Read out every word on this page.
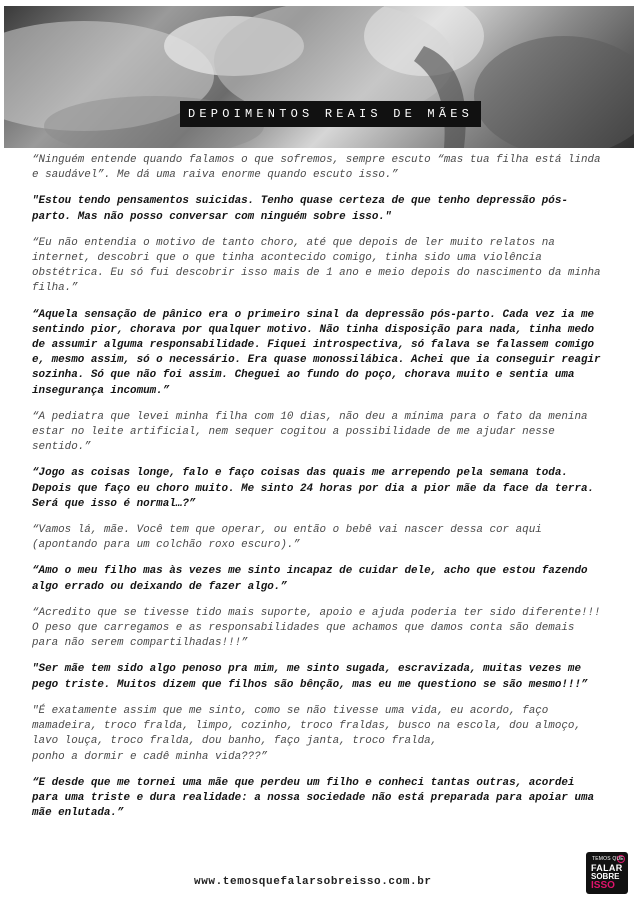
DEPOIMENTOS REAIS DE MÃES

“Ninguém entende quando falamos o que sofremos, sempre escuto “mas tua filha está linda e saudável”. Me dá uma raiva enorme quando escuto isso.”

"Estou tendo pensamentos suicidas. Tenho quase certeza de que tenho depressão pós-parto. Mas não posso conversar com ninguém sobre isso."

“Eu não entendia o motivo de tanto choro, até que depois de ler muito relatos na internet, descobri que o que tinha acontecido comigo, tinha sido uma violência obstétrica. Eu só fui descobrir isso mais de 1 ano e meio depois do nascimento da minha filha.”

“Aquela sensação de pânico era o primeiro sinal da depressão pós-parto. Cada vez ia me sentindo pior, chorava por qualquer motivo. Não tinha disposição para nada, tinha medo de assumir alguma responsabilidade. Fiquei introspectiva, só falava se falassem comigo e, mesmo assim, só o necessário. Era quase monossilábica. Achei que ia conseguir reagir sozinha. Só que não foi assim. Cheguei ao fundo do poço, chorava muito e sentia uma insegurança incomum.”

“A pediatra que levei minha filha com 10 dias, não deu a mínima para o fato da menina estar no leite artificial, nem sequer cogitou a possibilidade de me ajudar nesse sentido.”

“Jogo as coisas longe, falo e faço coisas das quais me arrependo pela semana toda. Depois que faço eu choro muito. Me sinto 24 horas por dia a pior mãe da face da terra. Será que isso é normal…?”

“Vamos lá, mãe. Você tem que operar, ou então o bebê vai nascer dessa cor aqui (apontando para um colchão roxo escuro).”

“Amo o meu filho mas às vezes me sinto incapaz de cuidar dele, acho que estou fazendo algo errado ou deixando de fazer algo.”

“Acredito que se tivesse tido mais suporte, apoio e ajuda poderia ter sido diferente!!! O peso que carregamos e as responsabilidades que achamos que damos conta são demais para não serem compartilhadas!!!”

"Ser mãe tem sido algo penoso pra mim, me sinto sugada, escravizada, muitas vezes me pego triste. Muitos dizem que filhos são bênção, mas eu me questiono se são mesmo!!!”

"É exatamente assim que me sinto, como se não tivesse uma vida, eu acordo, faço mamadeira, troco fralda, limpo, cozinho, troco fraldas, busco na escola, dou almoço, lavo louça, troco fralda, dou banho, faço janta, troco fralda,
ponho a dormir e cadê minha vida???”

“E desde que me tornei uma mãe que perdeu um filho e conheci tantas outras, acordei para uma triste e dura realidade: a nossa sociedade não está preparada para apoiar uma mãe enlutada.”

www.temosquefalarsobreisso.com.br
TEMOS QUE
FALAR
SOBRE
ISSO
